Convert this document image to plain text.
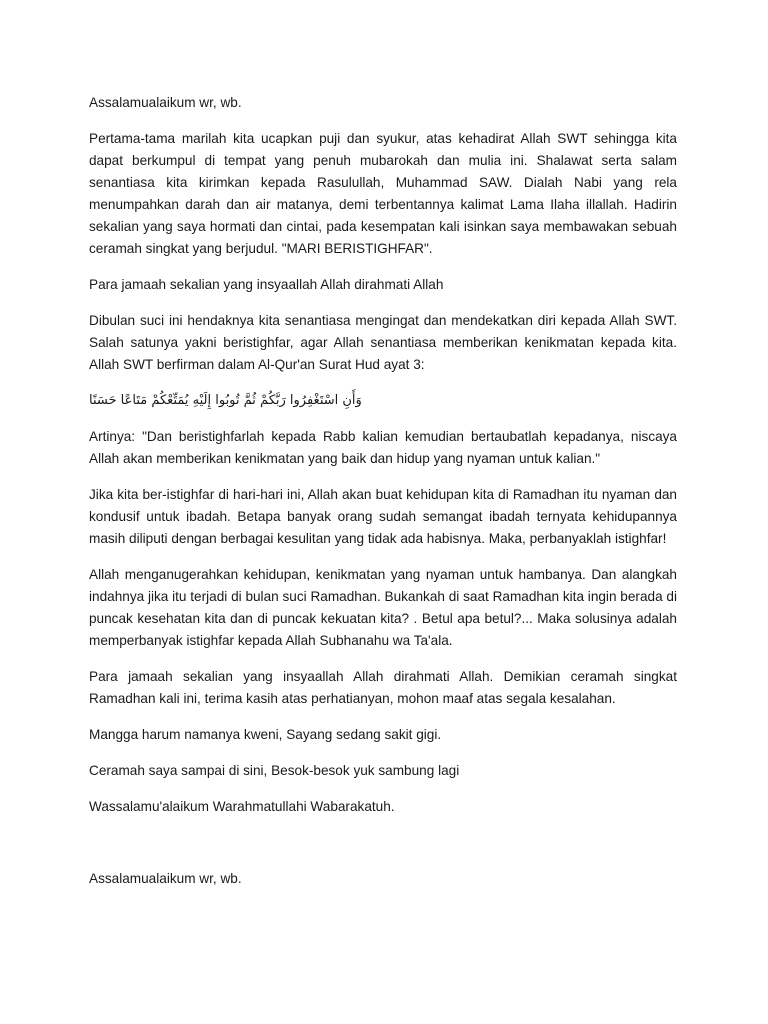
Assalamualaikum wr, wb.

Pertama-tama marilah kita ucapkan puji dan syukur, atas kehadirat Allah SWT sehingga kita dapat berkumpul di tempat yang penuh mubarokah dan mulia ini. Shalawat serta salam senantiasa kita kirimkan kepada Rasulullah, Muhammad SAW. Dialah Nabi yang rela menumpahkan darah dan air matanya, demi terbentannya kalimat Lama Ilaha illallah. Hadirin sekalian yang saya hormati dan cintai, pada kesempatan kali isinkan saya membawakan sebuah ceramah singkat yang berjudul. "MARI BERISTIGHFAR".

Para jamaah sekalian yang insyaallah Allah dirahmati Allah

Dibulan suci ini hendaknya kita senantiasa mengingat dan mendekatkan diri kepada Allah SWT. Salah satunya yakni beristighfar, agar Allah senantiasa memberikan kenikmatan kepada kita. Allah SWT berfirman dalam Al-Qur'an Surat Hud ayat 3:

وَأَنِ اسْتَغْفِرُوا رَبَّكُمْ ثُمَّ تُوبُوا إِلَيْهِ يُمَتِّعْكُمْ مَتَاعًا حَسَنًا

Artinya: "Dan beristighfarlah kepada Rabb kalian kemudian bertaubatlah kepadanya, niscaya Allah akan memberikan kenikmatan yang baik dan hidup yang nyaman untuk kalian."

Jika kita ber-istighfar di hari-hari ini, Allah akan buat kehidupan kita di Ramadhan itu nyaman dan kondusif untuk ibadah. Betapa banyak orang sudah semangat ibadah ternyata kehidupannya masih diliputi dengan berbagai kesulitan yang tidak ada habisnya. Maka, perbanyaklah istighfar!

Allah menganugerahkan kehidupan, kenikmatan yang nyaman untuk hambanya. Dan alangkah indahnya jika itu terjadi di bulan suci Ramadhan. Bukankah di saat Ramadhan kita ingin berada di puncak kesehatan kita dan di puncak kekuatan kita? . Betul apa betul?... Maka solusinya adalah memperbanyak istighfar kepada Allah Subhanahu wa Ta'ala.

Para jamaah sekalian yang insyaallah Allah dirahmati Allah. Demikian ceramah singkat Ramadhan kali ini, terima kasih atas perhatianyan, mohon maaf atas segala kesalahan.

Mangga harum namanya kweni, Sayang sedang sakit gigi.

Ceramah saya sampai di sini, Besok-besok yuk sambung lagi

Wassalamu'alaikum Warahmatullahi Wabarakatuh.

Assalamualaikum wr, wb.
